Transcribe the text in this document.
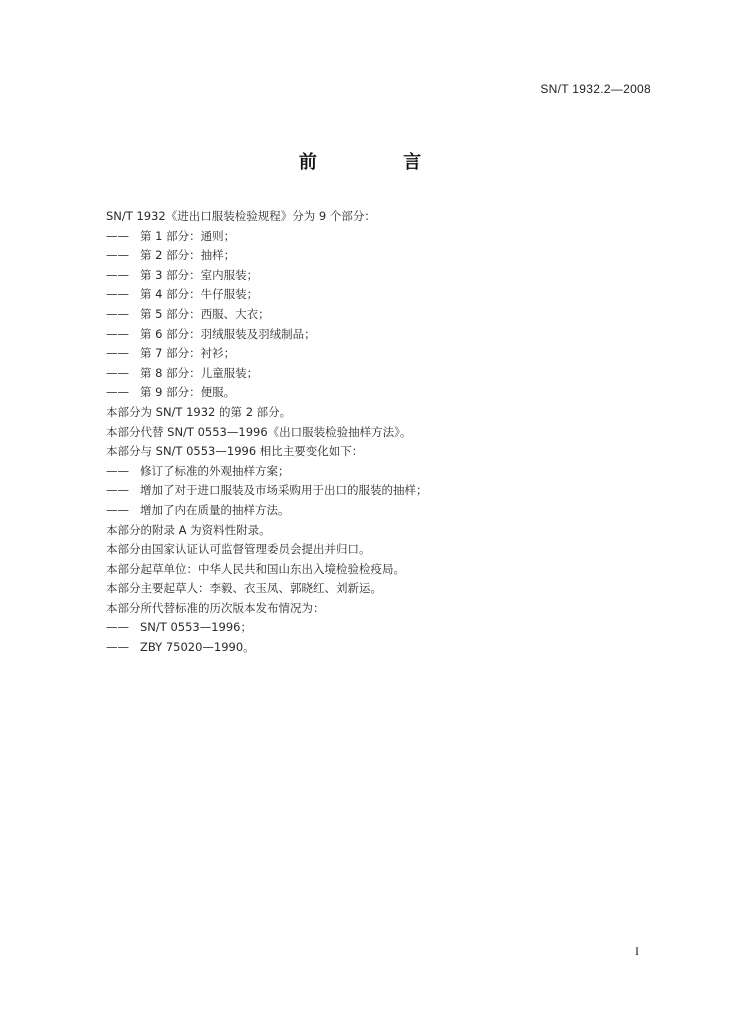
SN/T 1932.2—2008
前 言
SN/T 1932《进出口服装检验规程》分为 9 个部分：
—— 第 1 部分：通则；
—— 第 2 部分：抽样；
—— 第 3 部分：室内服装；
—— 第 4 部分：牛仔服装；
—— 第 5 部分：西服、大衣；
—— 第 6 部分：羽绒服装及羽绒制品；
—— 第 7 部分：衬衫；
—— 第 8 部分：儿童服装；
—— 第 9 部分：便服。
本部分为 SN/T 1932 的第 2 部分。
本部分代替 SN/T 0553—1996《出口服装检验抽样方法》。
本部分与 SN/T 0553—1996 相比主要变化如下：
—— 修订了标准的外观抽样方案；
—— 增加了对于进口服装及市场采购用于出口的服装的抽样；
—— 增加了内在质量的抽样方法。
本部分的附录 A 为资料性附录。
本部分由国家认证认可监督管理委员会提出并归口。
本部分起草单位：中华人民共和国山东出入境检验检疫局。
本部分主要起草人：李毅、衣玉凤、郭晓红、刘新运。
本部分所代替标准的历次版本发布情况为：
—— SN/T 0553—1996；
—— ZBY 75020—1990。
I
